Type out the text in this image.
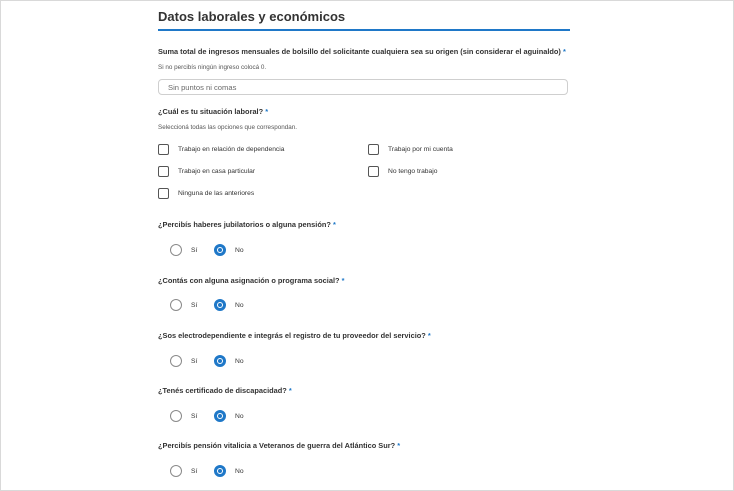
Datos laborales y económicos
Suma total de ingresos mensuales de bolsillo del solicitante cualquiera sea su origen (sin considerar el aguinaldo) *
Si no percibís ningún ingreso colocá 0.
Sin puntos ni comas
¿Cuál es tu situación laboral? *
Seleccioná todas las opciones que correspondan.
Trabajo en relación de dependencia	Trabajo por mi cuenta
Trabajo en casa particular	No tengo trabajo
Ninguna de las anteriores
¿Percibís haberes jubilatorios o alguna pensión? *
Sí	No
¿Contás con alguna asignación o programa social? *
Sí	No
¿Sos electrodependiente e integrás el registro de tu proveedor del servicio? *
Sí	No
¿Tenés certificado de discapacidad? *
Sí	No
¿Percibís pensión vitalicia a Veteranos de guerra del Atlántico Sur? *
Sí	No
